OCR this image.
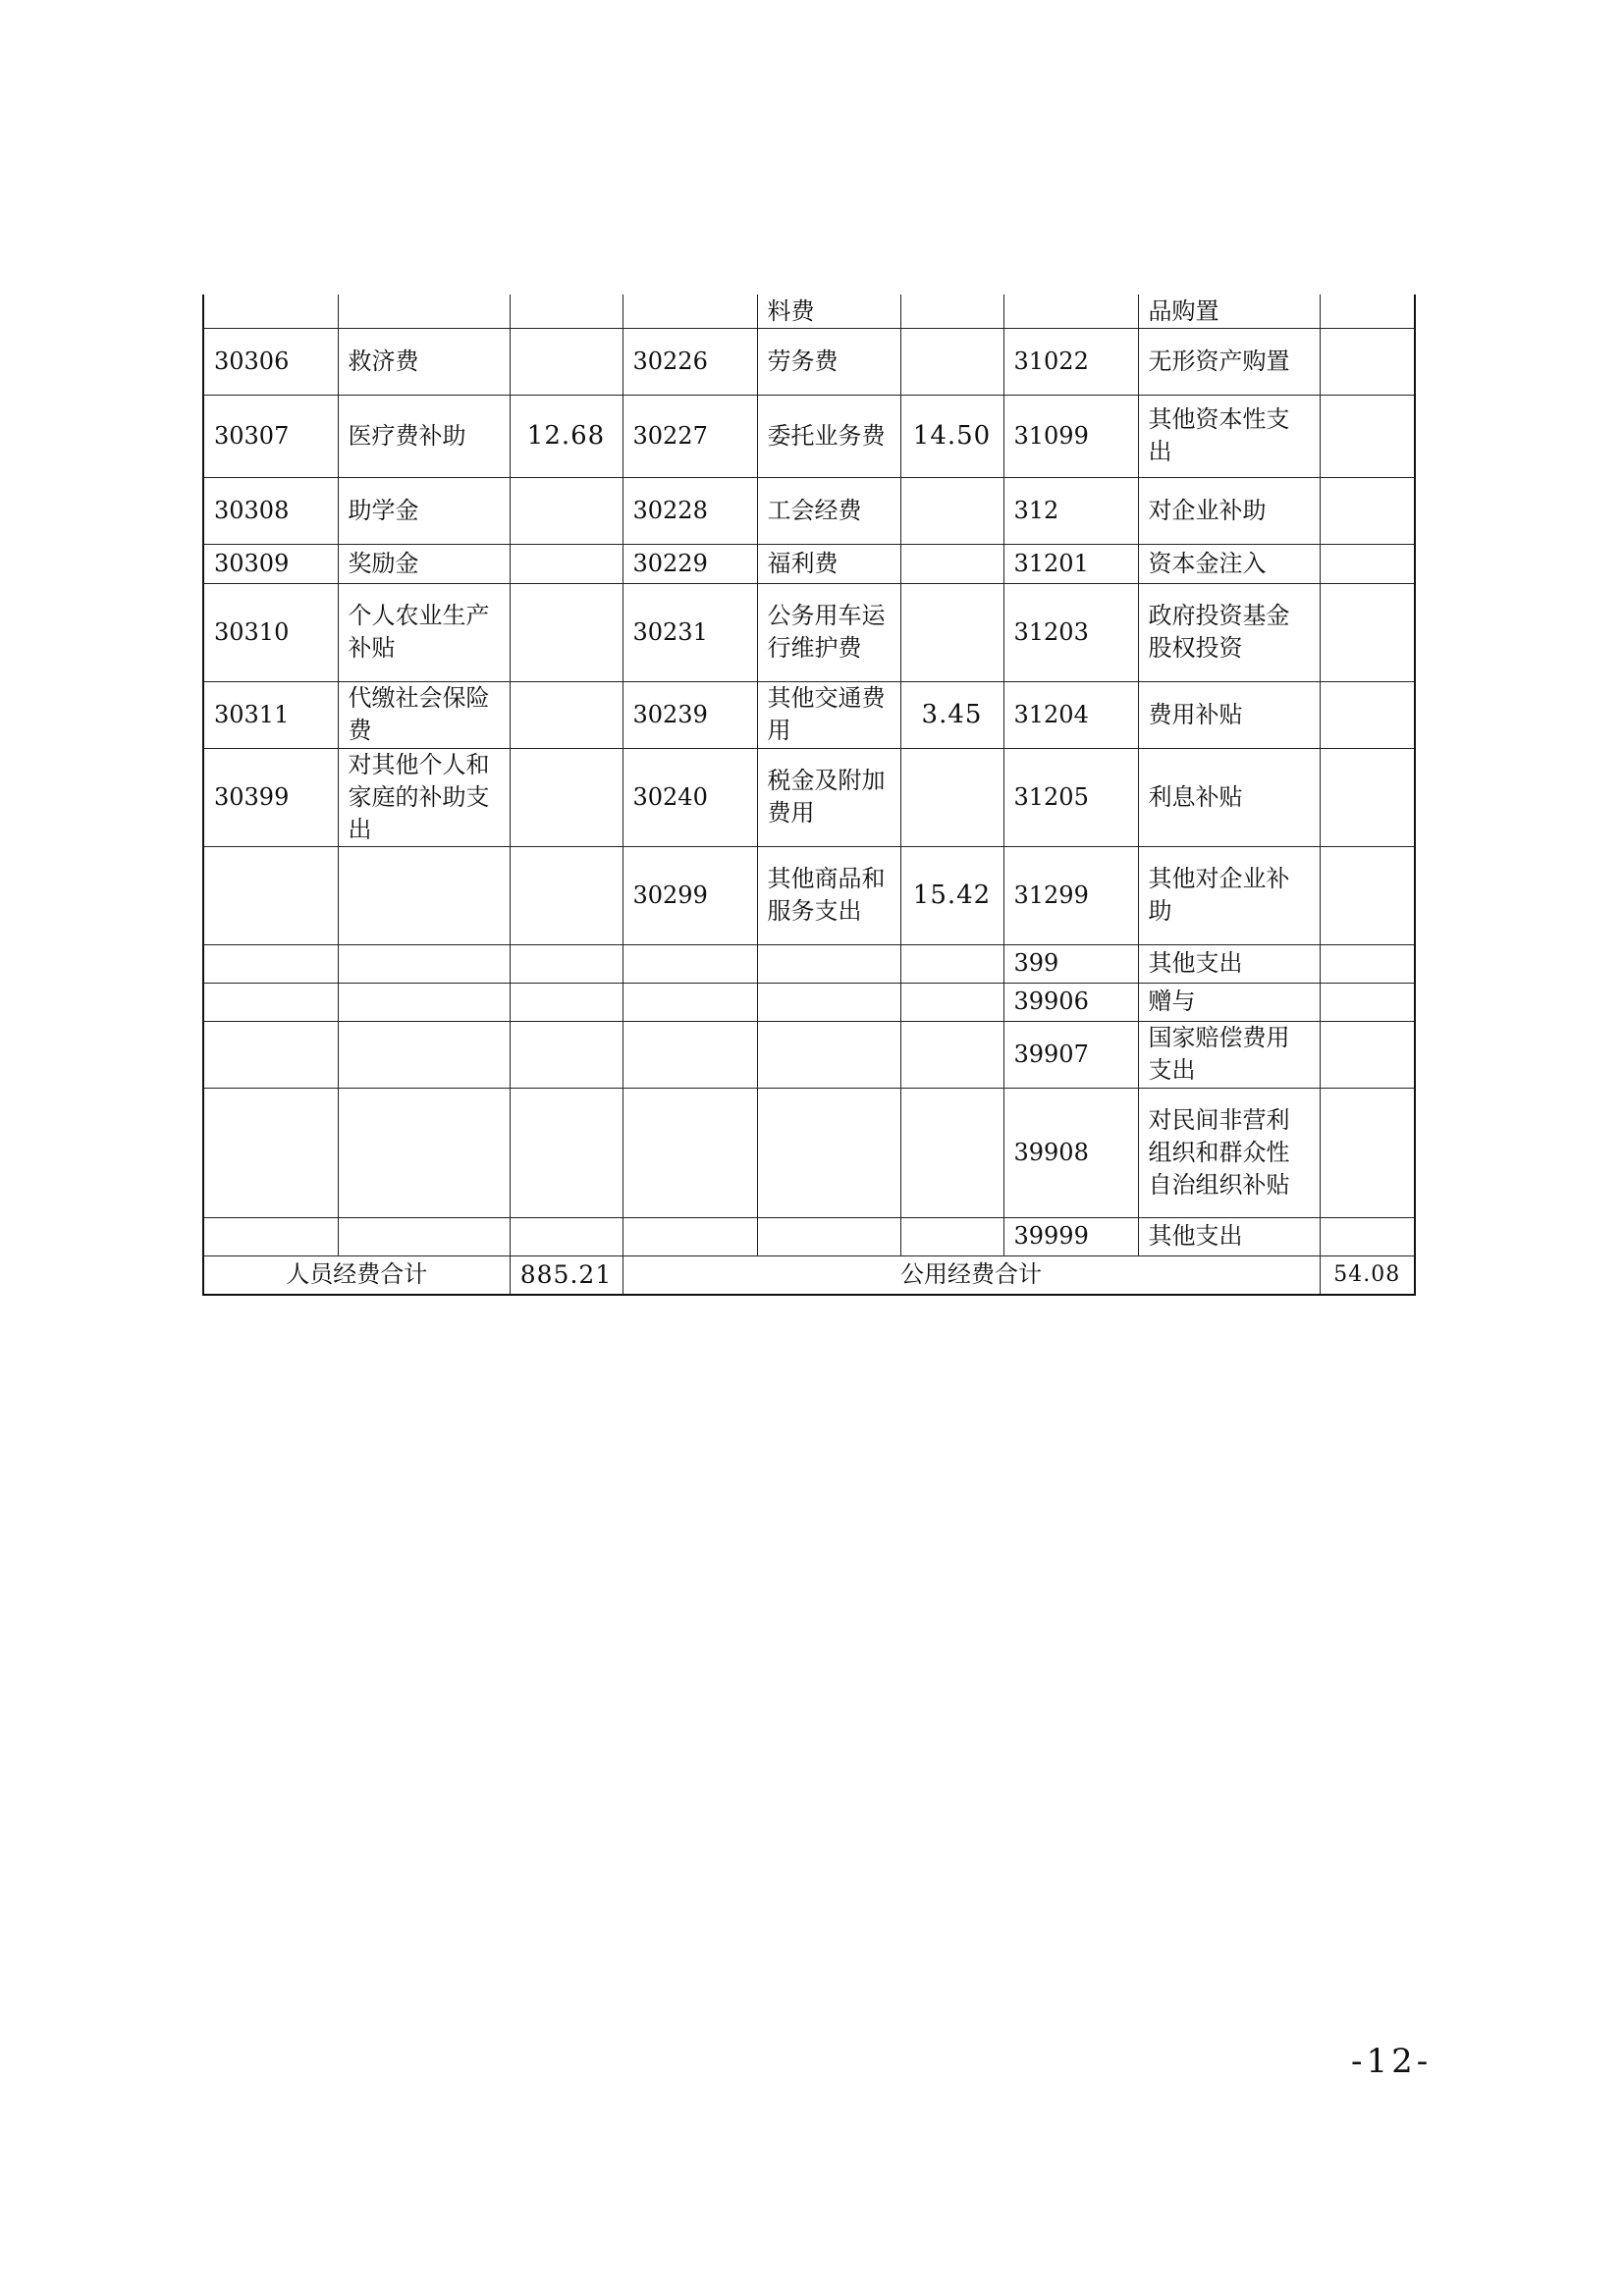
				料费			品购置	
30306	救济费		30226	劳务费		31022	无形资产购置	
30307	医疗费补助	12.68	30227	委托业务费	14.50	31099	其他资本性支出	
30308	助学金		30228	工会经费		312	对企业补助	
30309	奖励金		30229	福利费		31201	资本金注入	
30310	个人农业生产补贴		30231	公务用车运行维护费		31203	政府投资基金股权投资	
30311	代缴社会保险费		30239	其他交通费用	3.45	31204	费用补贴	
30399	对其他个人和家庭的补助支出		30240	税金及附加费用		31205	利息补贴	
			30299	其他商品和服务支出	15.42	31299	其他对企业补助	
						399	其他支出	
						39906	赠与	
						39907	国家赔偿费用支出	
						39908	对民间非营利组织和群众性自治组织补贴	
						39999	其他支出	
人员经费合计		885.21	公用经费合计					54.08
-12-
